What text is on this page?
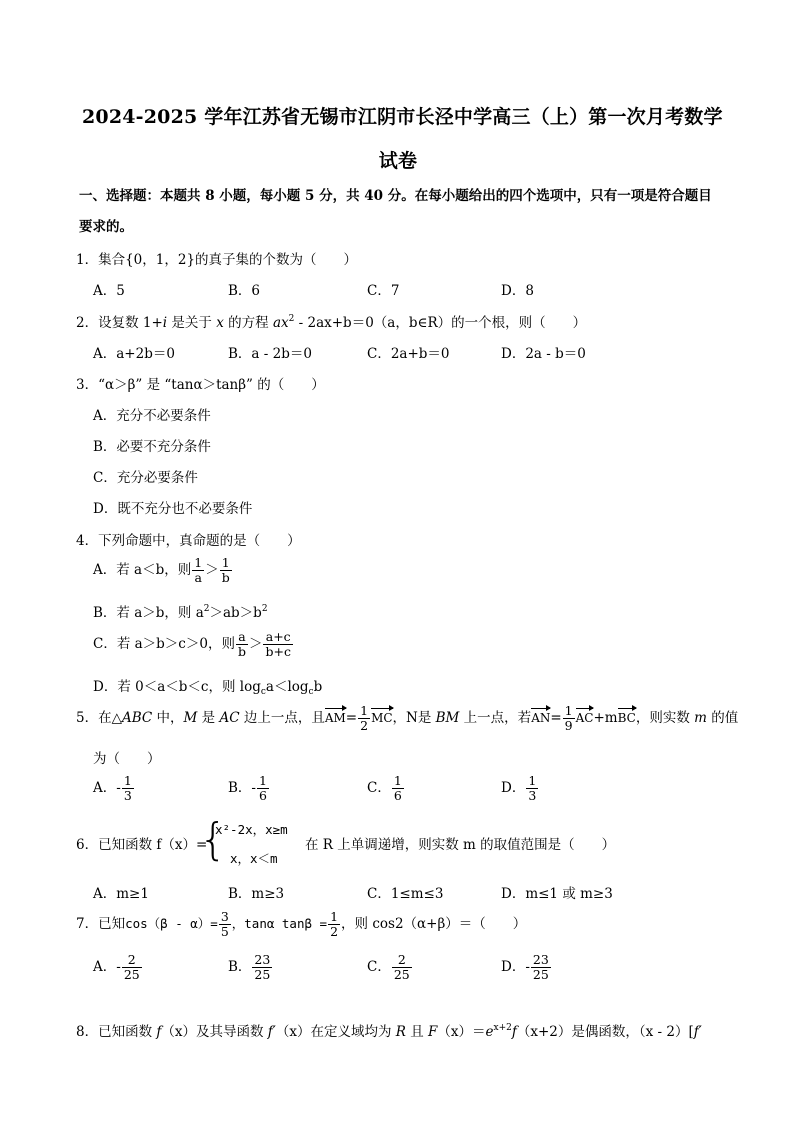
2024-2025 学年江苏省无锡市江阴市长泾中学高三（上）第一次月考数学
试卷
一、选择题：本题共 8 小题，每小题 5 分，共 40 分。在每小题给出的四个选项中，只有一项是符合题目
要求的。
1．集合{0，1，2}的真子集的个数为（　　）
A．5	B．6	C．7	D．8
2．设复数 1+i 是关于 x 的方程 $ax^2 - 2ax+b=0(a$，b∈R）的一个根，则（　　）
A．a+2b＝0	B．a - 2b＝0	C．2a+b＝0	D．2a - b＝0
3．“α＞β” 是 “tanα＞tanβ” 的（　　）
A．充分不必要条件
B．必要不充分条件
C．充分必要条件
D．既不充分也不必要条件
4．下列命题中，真命题的是（　　）
A．若 a＜b，则 $\frac{1}{a} > \frac{1}{b}$
B．若 a＞b，则 $a^2>ab>b^2$
C．若 a＞b＞c＞0，则 $\frac{a}{b} > \frac{a+c}{b+c}$
D．若 0＜a＜b＜c，则 $\log_ca<\log_cb$
5．在△ABC 中，M 是 AC 边上一点，且$AM= \frac{1}{2}$ MC，N是 BM 上一点，若$AN= \frac{1}{9} AC+mBC$，则实数 m 的值
为（　　）
A．- $\frac{1}{3}$	B．- $\frac{1}{6}$	C． $\frac{1}{6}$	D． $\frac{1}{3}$
6．已知函数 f（x）=
{
x²-2x，x≥m
x，x＜m
在 R 上单调递增，则实数 m 的取值范围是（　　）
A．m≥1	B．m≥3	C．1≤m≤3	D．m≤1 或 m≥3
7．已知$\cos(\beta - \alpha)= \frac{3}{5}$ ，tanα $\tan\beta = \frac{1}{2}$ ，则 cos2（α+β）＝（　　）
A．- $\frac{2}{25}$	B． $\frac{23}{25}$	C． $\frac{2}{25}$	D．- $\frac{23}{25}$
8．已知函数 f（x）及其导函数 f′（x）在定义域均为 R 且 $F(x)=e^{x+2}f(x+2)$是偶函数，（x - 2）[f′
